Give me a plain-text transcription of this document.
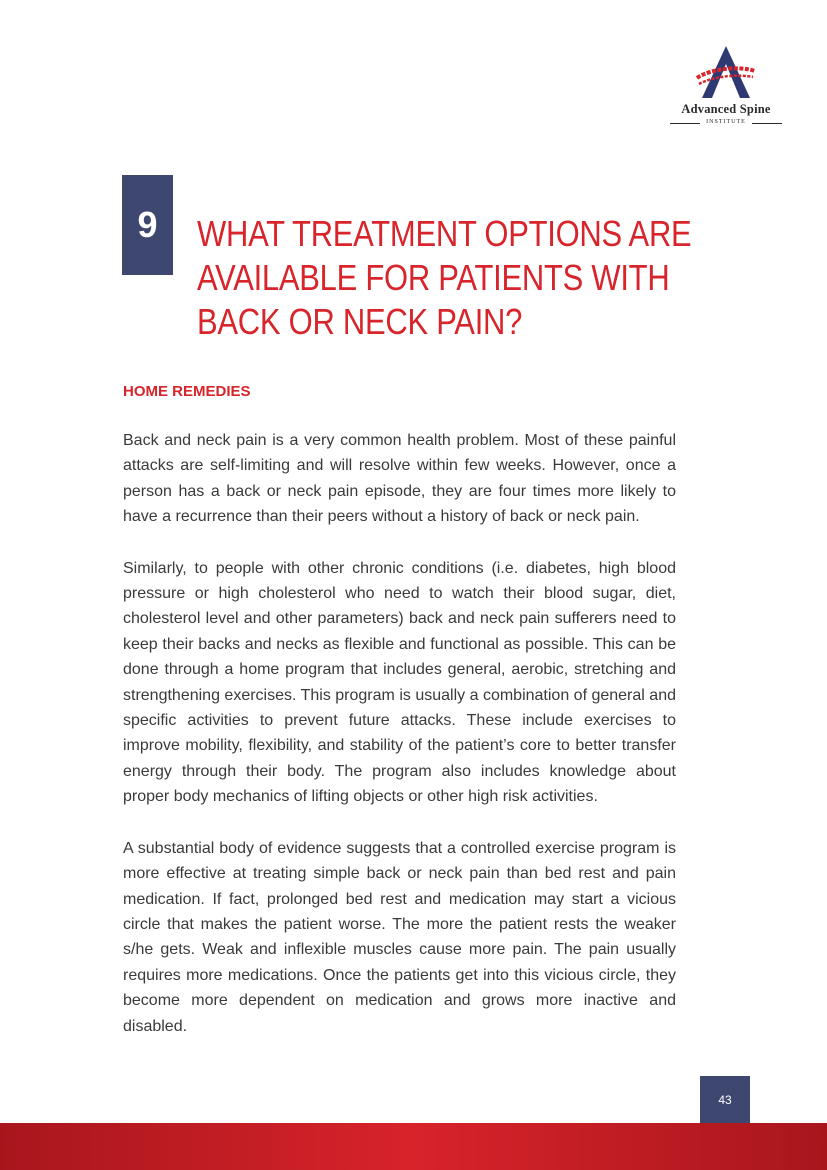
Advanced Spine
INSTITUTE
9	WHAT TREATMENT OPTIONS ARE
AVAILABLE FOR PATIENTS WITH
BACK OR NECK PAIN?
HOME REMEDIES

Back and neck pain is a very common health problem. Most of these painful attacks are self-limiting and will resolve within few weeks. However, once a person has a back or neck pain episode, they are four times more likely to have a recurrence than their peers without a history of back or neck pain.

Similarly, to people with other chronic conditions (i.e. diabetes, high blood pressure or high cholesterol who need to watch their blood sugar, diet, cholesterol level and other parameters) back and neck pain sufferers need to keep their backs and necks as flexible and functional as possible. This can be done through a home program that includes general, aerobic, stretching and strengthening exercises. This program is usually a combination of general and specific activities to prevent future attacks. These include exercises to improve mobility, flexibility, and stability of the patient’s core to better transfer energy through their body. The program also includes knowledge about proper body mechanics of lifting objects or other high risk activities.

A substantial body of evidence suggests that a controlled exercise program is more effective at treating simple back or neck pain than bed rest and pain medication. If fact, prolonged bed rest and medication may start a vicious circle that makes the patient worse. The more the patient rests the weaker s/he gets. Weak and inflexible muscles cause more pain. The pain usually requires more medications. Once the patients get into this vicious circle, they become more dependent on medication and grows more inactive and disabled.

43
